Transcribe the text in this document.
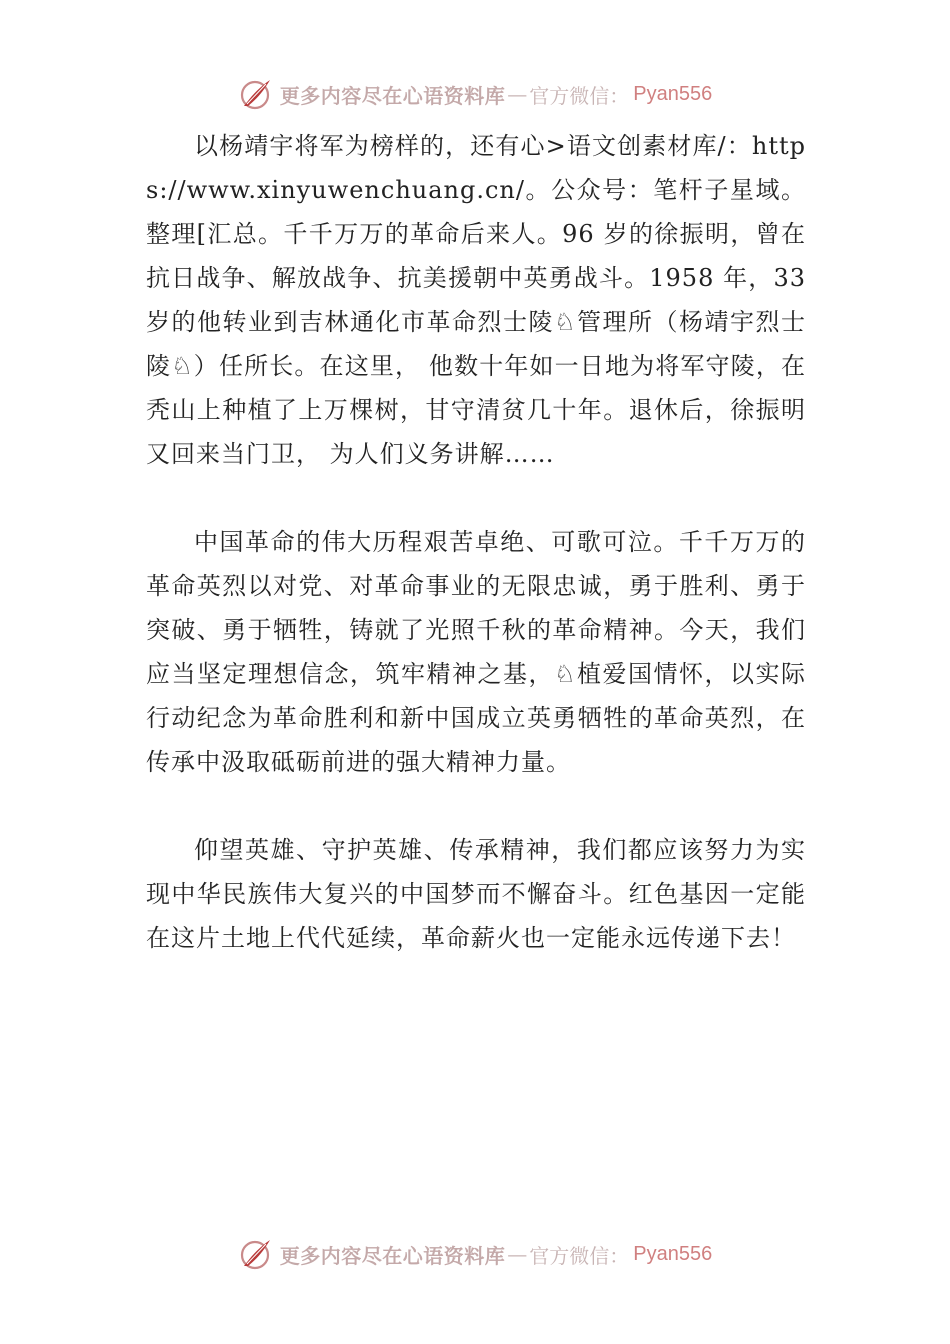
更多内容尽在心语资料库 — 官方微信： Pyan556

以杨靖宇将军为榜样的，还有心>语文创素材库/：https://www.xinyuwenchuang.cn/。公众号：笔杆子星域。整理[汇总。千千万万的革命后来人。96 岁的徐振明，曾在抗日战争、解放战争、抗美援朝中英勇战斗。1958 年，33 岁的他转业到吉林通化市革命烈士陵♘管理所（杨靖宇烈士陵♘）任所长。在这里， 他数十年如一日地为将军守陵，在秃山上种植了上万棵树，甘守清贫几十年。退休后，徐振明又回来当门卫， 为人们义务讲解……

中国革命的伟大历程艰苦卓绝、可歌可泣。千千万万的革命英烈以对党、对革命事业的无限忠诚，勇于胜利、勇于突破、勇于牺牲，铸就了光照千秋的革命精神。今天，我们应当坚定理想信念，筑牢精神之基，♘植爱国情怀，以实际行动纪念为革命胜利和新中国成立英勇牺牲的革命英烈，在传承中汲取砥砺前进的强大精神力量。

仰望英雄、守护英雄、传承精神，我们都应该努力为实现中华民族伟大复兴的中国梦而不懈奋斗。红色基因一定能在这片土地上代代延续，革命薪火也一定能永远传递下去！

更多内容尽在心语资料库 — 官方微信： Pyan556
